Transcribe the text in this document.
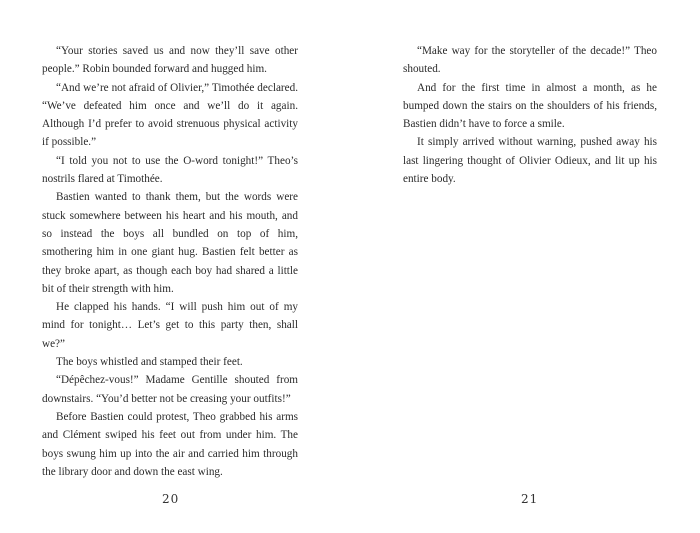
“Your stories saved us and now they’ll save other people.” Robin bounded forward and hugged him.

“And we’re not afraid of Olivier,” Timothée declared. “We’ve defeated him once and we’ll do it again. Although I’d prefer to avoid strenuous physical activity if possible.”

“I told you not to use the O-word tonight!” Theo’s nostrils flared at Timothée.

Bastien wanted to thank them, but the words were stuck somewhere between his heart and his mouth, and so instead the boys all bundled on top of him, smothering him in one giant hug. Bastien felt better as they broke apart, as though each boy had shared a little bit of their strength with him.

He clapped his hands. “I will push him out of my mind for tonight… Let’s get to this party then, shall we?”

The boys whistled and stamped their feet.

“Dépêchez-vous!” Madame Gentille shouted from downstairs. “You’d better not be creasing your outfits!”

Before Bastien could protest, Theo grabbed his arms and Clément swiped his feet out from under him. The boys swung him up into the air and carried him through the library door and down the east wing.

20

“Make way for the storyteller of the decade!” Theo shouted.

And for the first time in almost a month, as he bumped down the stairs on the shoulders of his friends, Bastien didn’t have to force a smile.

It simply arrived without warning, pushed away his last lingering thought of Olivier Odieux, and lit up his entire body.

21
